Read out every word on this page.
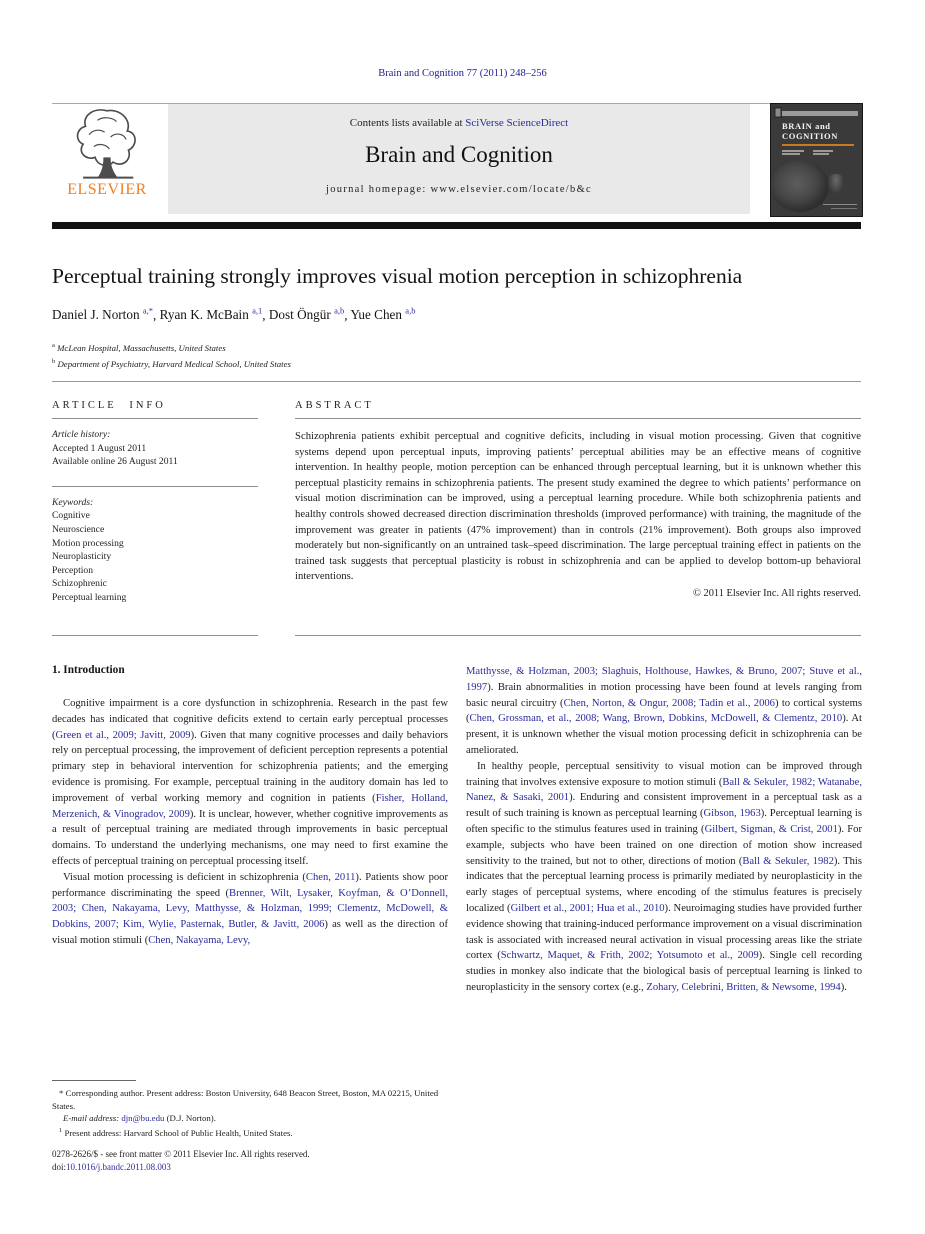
Brain and Cognition 77 (2011) 248–256
ELSEVIER
Contents lists available at SciVerse ScienceDirect
Brain and Cognition
journal homepage: www.elsevier.com/locate/b&c
BRAIN and
COGNITION
Perceptual training strongly improves visual motion perception in schizophrenia
Daniel J. Norton $^{a,*}$, Ryan K. McBain $^{a,1}$, Dost Öngür $^{a,b}$, Yue Chen $^{a,b}$
$^a$ McLean Hospital, Massachusetts, United States
$^b$ Department of Psychiatry, Harvard Medical School, United States
ARTICLE INFO
Article history:
Accepted 1 August 2011
Available online 26 August 2011
Keywords:
Cognitive
Neuroscience
Motion processing
Neuroplasticity
Perception
Schizophrenic
Perceptual learning
ABSTRACT
Schizophrenia patients exhibit perceptual and cognitive deficits, including in visual motion processing. Given that cognitive systems depend upon perceptual inputs, improving patients’ perceptual abilities may be an effective means of cognitive intervention. In healthy people, motion perception can be enhanced through perceptual learning, but it is unknown whether this perceptual plasticity remains in schizophrenia patients. The present study examined the degree to which patients’ performance on visual motion discrimination can be improved, using a perceptual learning procedure. While both schizophrenia patients and healthy controls showed decreased direction discrimination thresholds (improved performance) with training, the magnitude of the improvement was greater in patients (47% improvement) than in controls (21% improvement). Both groups also improved moderately but non-significantly on an untrained task–speed discrimination. The large perceptual training effect in patients on the trained task suggests that perceptual plasticity is robust in schizophrenia and can be applied to develop bottom-up behavioral interventions.
© 2011 Elsevier Inc. All rights reserved.
1. Introduction

Cognitive impairment is a core dysfunction in schizophrenia. Research in the past few decades has indicated that cognitive deficits extend to certain early perceptual processes (Green et al., 2009; Javitt, 2009). Given that many cognitive processes and daily behaviors rely on perceptual processing, the improvement of deficient perception represents a potential primary step in behavioral intervention for schizophrenia patients; and the emerging evidence is promising. For example, perceptual training in the auditory domain has led to improvement of verbal working memory and cognition in patients (Fisher, Holland, Merzenich, & Vinogradov, 2009). It is unclear, however, whether cognitive improvements as a result of perceptual training are mediated through improvements in basic perceptual domains. To understand the underlying mechanisms, one may need to first examine the effects of perceptual training on perceptual processing itself.

Visual motion processing is deficient in schizophrenia (Chen, 2011). Patients show poor performance discriminating the speed (Brenner, Wilt, Lysaker, Koyfman, & O’Donnell, 2003; Chen, Nakayama, Levy, Matthysse, & Holzman, 1999; Clementz, McDowell, & Dobkins, 2007; Kim, Wylie, Pasternak, Butler, & Javitt, 2006) as well as the direction of visual motion stimuli (Chen, Nakayama, Levy,

Matthysse, & Holzman, 2003; Slaghuis, Holthouse, Hawkes, & Bruno, 2007; Stuve et al., 1997). Brain abnormalities in motion processing have been found at levels ranging from basic neural circuitry (Chen, Norton, & Ongur, 2008; Tadin et al., 2006) to cortical systems (Chen, Grossman, et al., 2008; Wang, Brown, Dobkins, McDowell, & Clementz, 2010). At present, it is unknown whether the visual motion processing deficit in schizophrenia can be ameliorated.

In healthy people, perceptual sensitivity to visual motion can be improved through training that involves extensive exposure to motion stimuli (Ball & Sekuler, 1982; Watanabe, Nanez, & Sasaki, 2001). Enduring and consistent improvement in a perceptual task as a result of such training is known as perceptual learning (Gibson, 1963). Perceptual learning is often specific to the stimulus features used in training (Gilbert, Sigman, & Crist, 2001). For example, subjects who have been trained on one direction of motion show increased sensitivity to the trained, but not to other, directions of motion (Ball & Sekuler, 1982). This indicates that the perceptual learning process is primarily mediated by neuroplasticity in the early stages of perceptual systems, where encoding of the stimulus features is precisely localized (Gilbert et al., 2001; Hua et al., 2010). Neuroimaging studies have provided further evidence showing that training-induced performance improvement on a visual discrimination task is associated with increased neural activation in visual processing areas like the striate cortex (Schwartz, Maquet, & Frith, 2002; Yotsumoto et al., 2009). Single cell recording studies in monkey also indicate that the biological basis of perceptual learning is linked to neuroplasticity in the sensory cortex (e.g., Zohary, Celebrini, Britten, & Newsome, 1994).

* Corresponding author. Present address: Boston University, 648 Beacon Street, Boston, MA 02215, United States.

E-mail address: djn@bu.edu (D.J. Norton).

$^1$ Present address: Harvard School of Public Health, United States.

0278-2626/$ - see front matter © 2011 Elsevier Inc. All rights reserved.
doi:10.1016/j.bandc.2011.08.003
